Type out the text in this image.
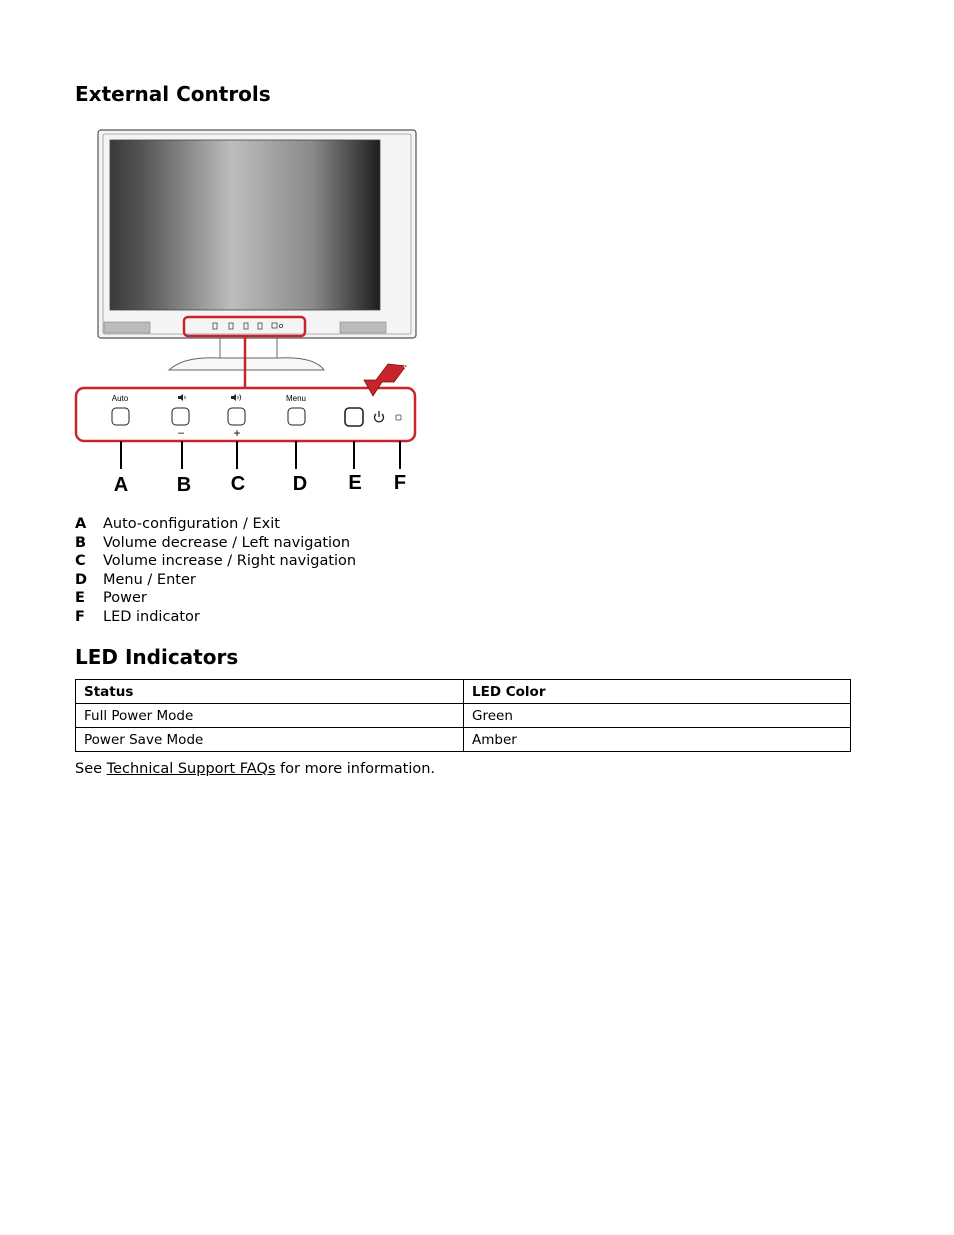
External Controls
Auto
–	+
Menu
A B C D E F
A	Auto-configuration / Exit
B	Volume decrease / Left navigation
C	Volume increase / Right navigation
D	Menu / Enter
E	Power
F	LED indicator
LED Indicators
Status	LED Color
Full Power Mode	Green
Power Save Mode	Amber
See Technical Support FAQs for more information.
